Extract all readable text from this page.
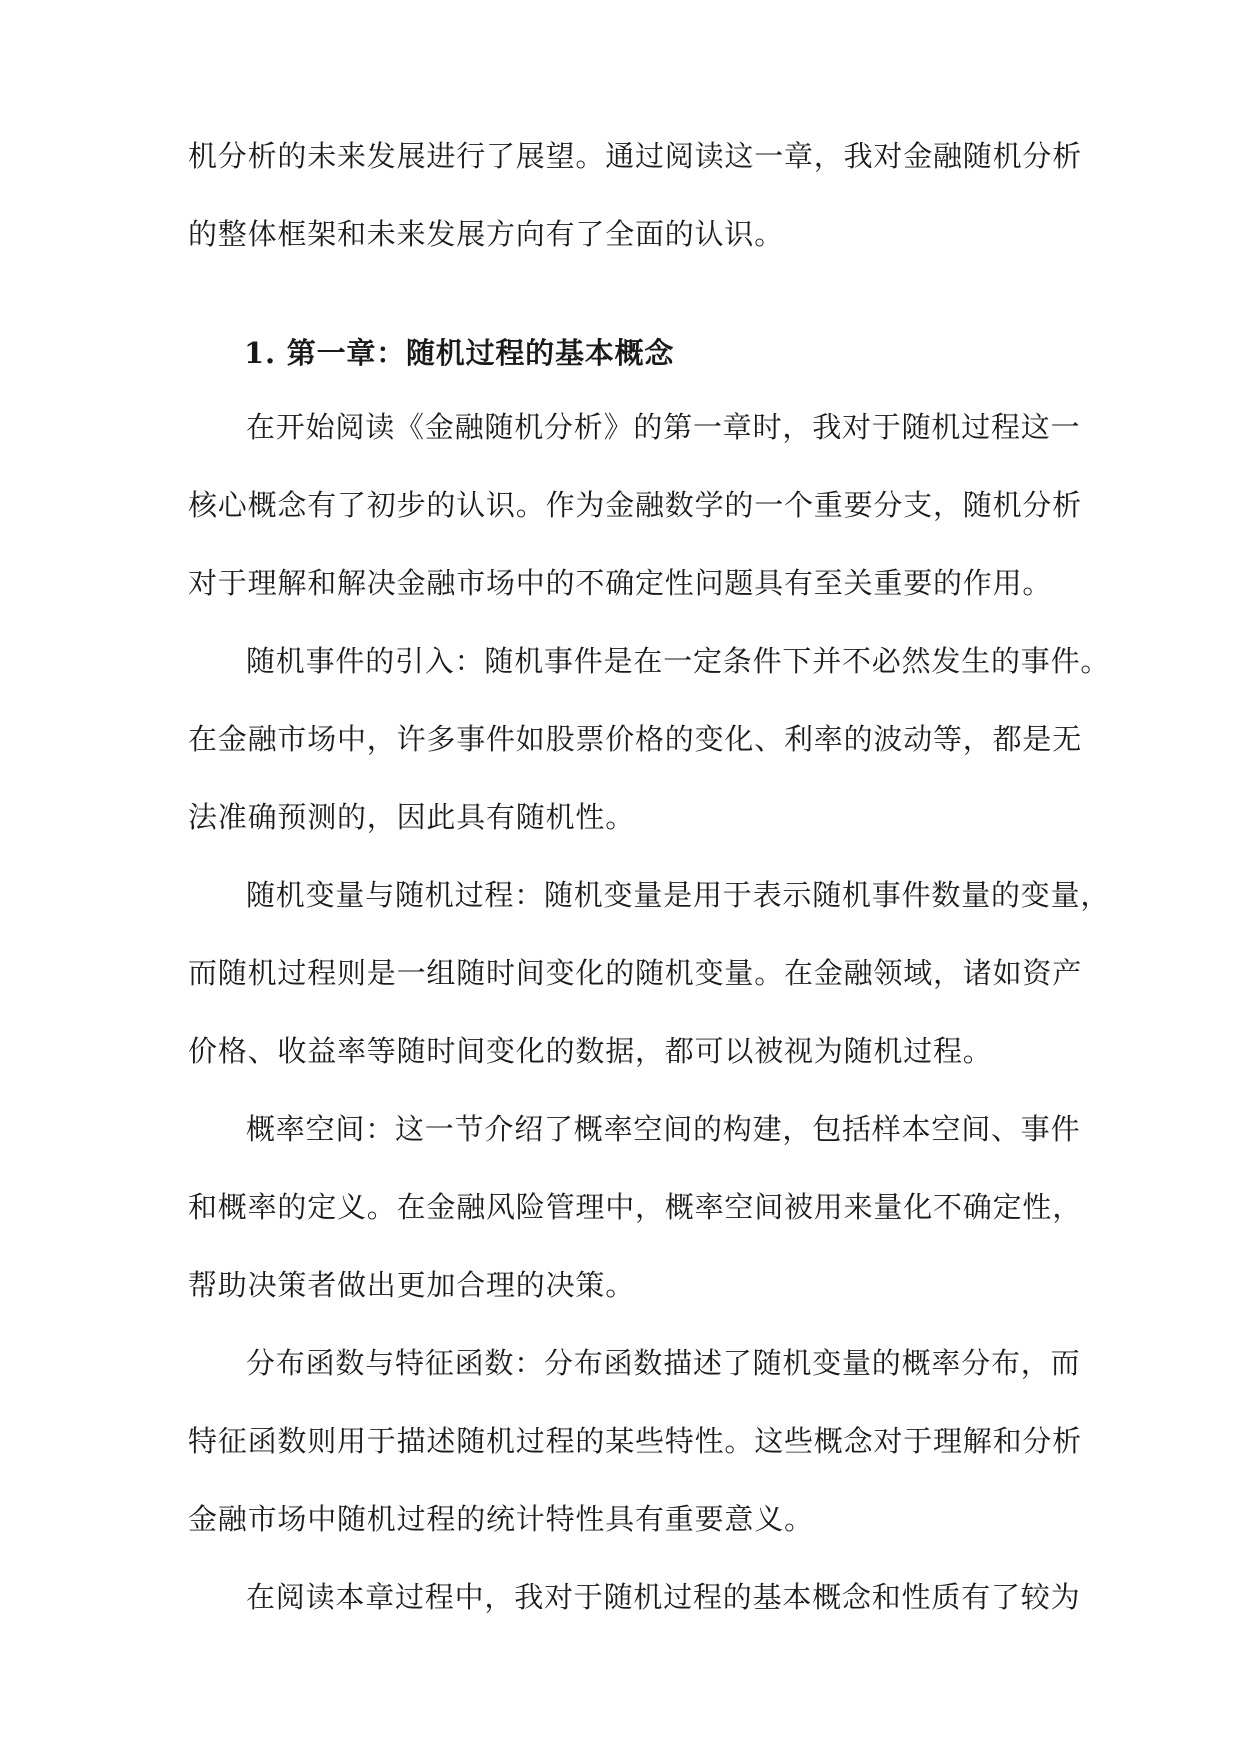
机分析的未来发展进行了展望。通过阅读这一章，我对金融随机分析
的整体框架和未来发展方向有了全面的认识。
1. 第一章：随机过程的基本概念
在开始阅读《金融随机分析》的第一章时，我对于随机过程这一
核心概念有了初步的认识。作为金融数学的一个重要分支，随机分析
对于理解和解决金融市场中的不确定性问题具有至关重要的作用。
随机事件的引入：随机事件是在一定条件下并不必然发生的事件。
在金融市场中，许多事件如股票价格的变化、利率的波动等，都是无
法准确预测的，因此具有随机性。
随机变量与随机过程：随机变量是用于表示随机事件数量的变量，
而随机过程则是一组随时间变化的随机变量。在金融领域，诸如资产
价格、收益率等随时间变化的数据，都可以被视为随机过程。
概率空间：这一节介绍了概率空间的构建，包括样本空间、事件
和概率的定义。在金融风险管理中，概率空间被用来量化不确定性，
帮助决策者做出更加合理的决策。
分布函数与特征函数：分布函数描述了随机变量的概率分布，而
特征函数则用于描述随机过程的某些特性。这些概念对于理解和分析
金融市场中随机过程的统计特性具有重要意义。
在阅读本章过程中，我对于随机过程的基本概念和性质有了较为
